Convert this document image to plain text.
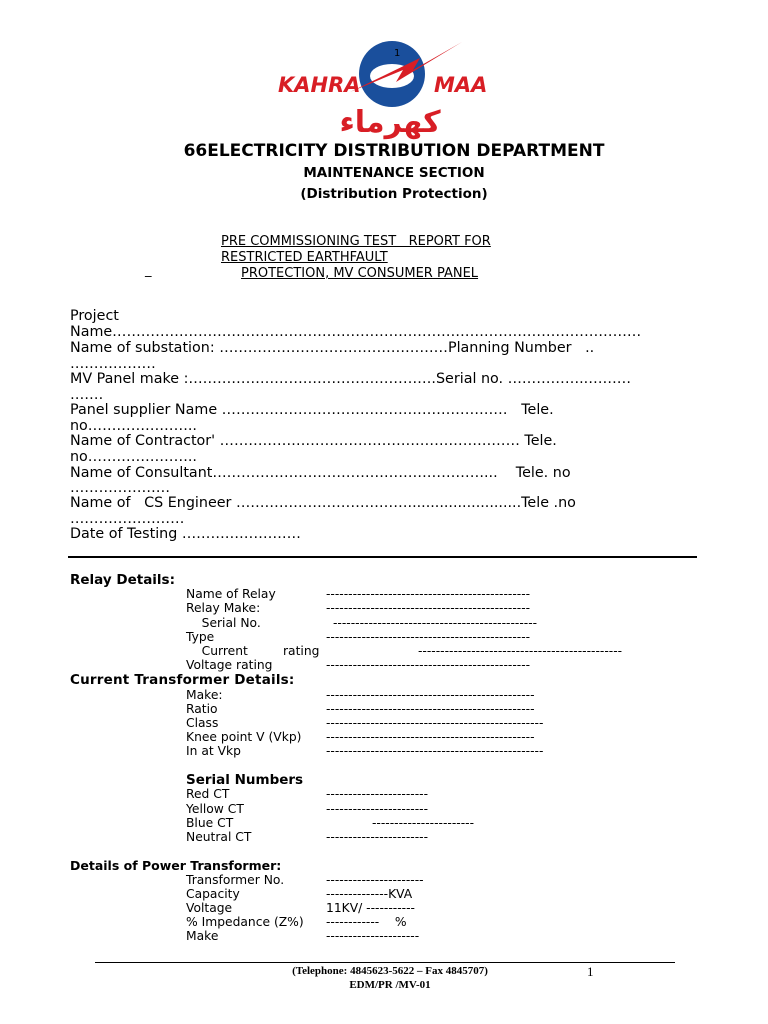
KAHRA	MAA
كهرماء
1
66ELECTRICITY DISTRIBUTION DEPARTMENT
MAINTENANCE SECTION
(Distribution Protection)
PRE COMMISSIONING TEST   REPORT FOR
RESTRICTED EARTHFAULT
_	PROTECTION, MV CONSUMER PANEL
Project
Name…………………………………………………………………………………………………
Name of substation: …………………………………………Planning Number   ..
………………
MV Panel make :…………………………………………….Serial no. ……………..………
…….
Panel supplier Name ……………………………………………………   Tele.
no…………………..
Name of Contractor' ……………………………………………………… Tele.
no…………………..
Name of Consultant…………………………………………………...    Tele. no
…………………
Name of   CS Engineer ……………………………….........................Tele .no
……………………
Date of Testing …………………….
Relay Details:
Name of Relay	----------------------------------------------
Relay Make:	----------------------------------------------
Serial No.	----------------------------------------------
Type	----------------------------------------------
Current         rating	----------------------------------------------
Voltage rating	----------------------------------------------
Current Transformer Details:
Make:	-----------------------------------------------
Ratio	-----------------------------------------------
Class	-------------------------------------------------
Knee point V (Vkp) -----------------------------------------------
In at Vkp	-------------------------------------------------
Serial Numbers
Red CT	-----------------------
Yellow CT	-----------------------
Blue CT	-----------------------
Neutral CT	-----------------------
Details of Power Transformer:
Transformer No.	----------------------
Capacity	--------------KVA
Voltage	11KV/ -----------
% Impedance (Z%) ------------    %
Make	---------------------
(Telephone: 4845623-5622 – Fax 4845707)	1
EDM/PR /MV-01
